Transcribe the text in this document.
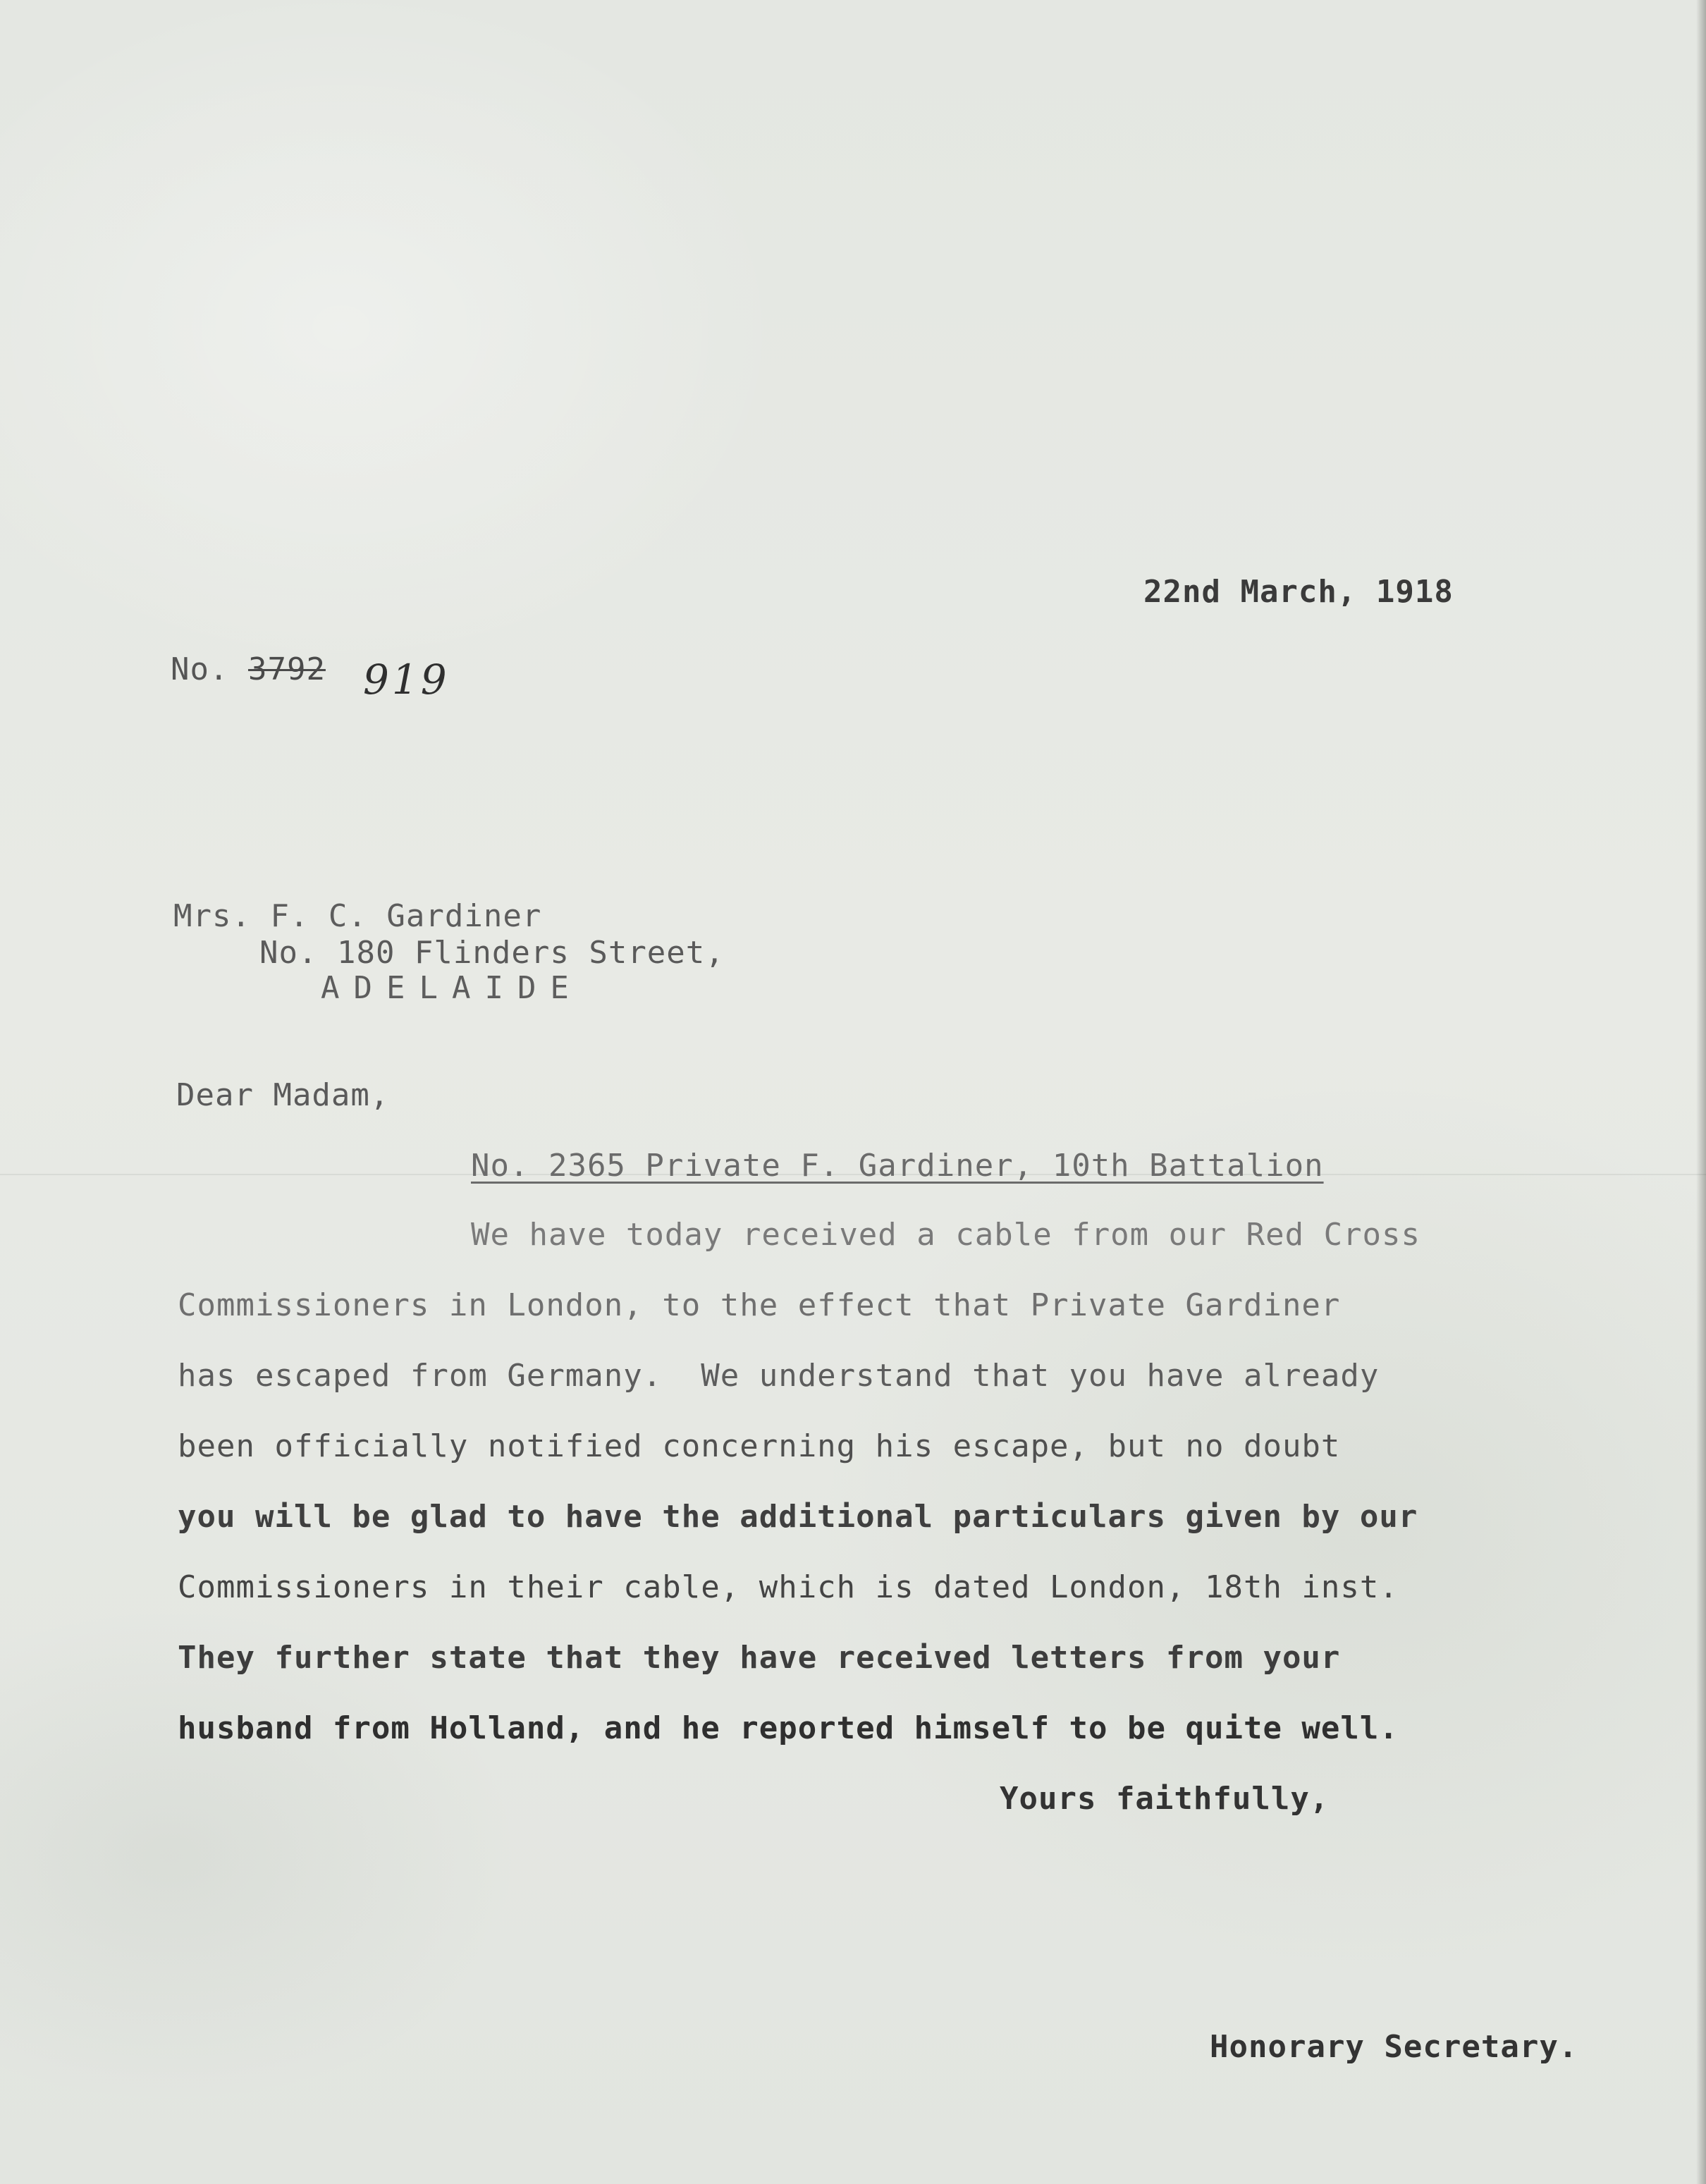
22nd March, 1918
No. 3792 919
Mrs. F. C. Gardiner
No. 180 Flinders Street,
ADELAIDE
Dear Madam,
No. 2365 Private F. Gardiner, 10th Battalion
We have today received a cable from our Red Cross
Commissioners in London, to the effect that Private Gardiner
has escaped from Germany.  We understand that you have already
been officially notified concerning his escape, but no doubt
you will be glad to have the additional particulars given by our
Commissioners in their cable, which is dated London, 18th inst.
They further state that they have received letters from your
husband from Holland, and he reported himself to be quite well.
Yours faithfully,
Honorary Secretary.
